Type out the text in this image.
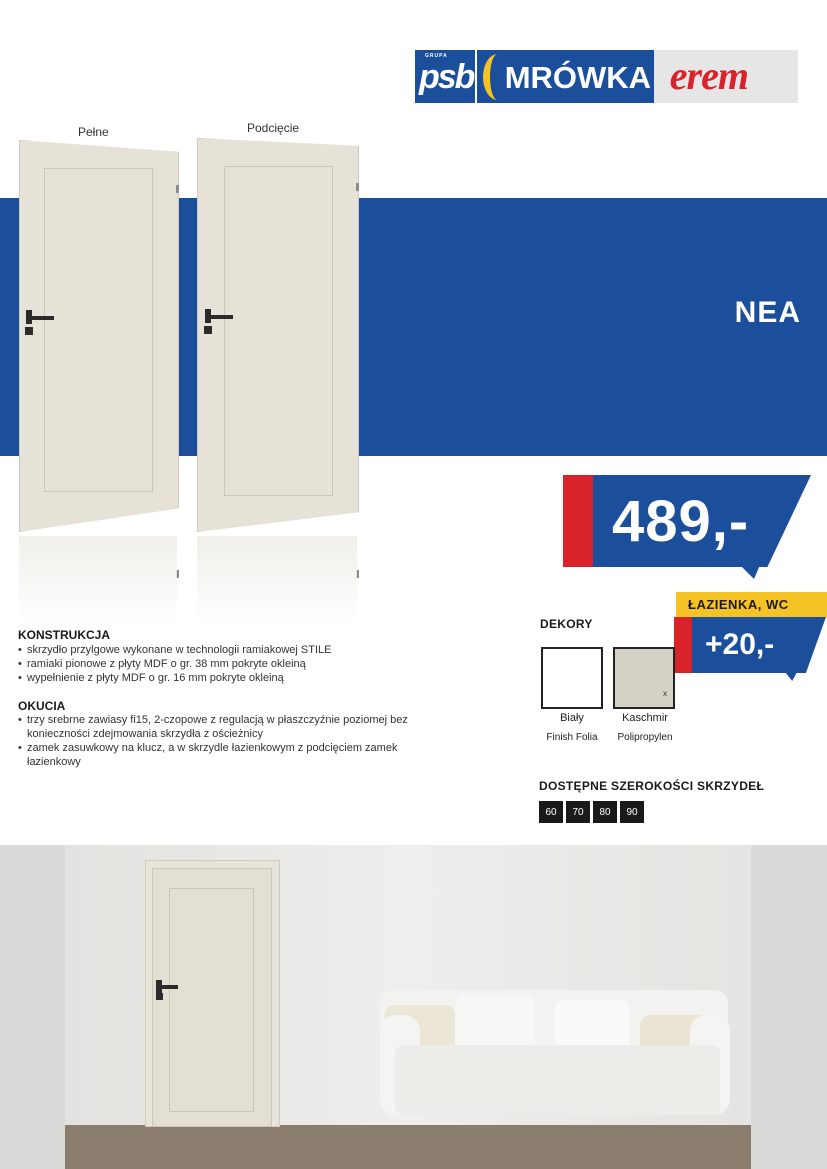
GRUPA
psb MRÓWKA erem
NEA
Pełne	Podcięcie
489,-
ŁAZIENKA, WC
+20,-
DEKORY
x
Biały	Kaschmir
Finish Folia	Polipropylen
DOSTĘPNE SZEROKOŚCI SKRZYDEŁ
60	70	80	90
KONSTRUKCJA
• skrzydło przylgowe wykonane w technologii ramiakowej STILE
• ramiaki pionowe z płyty MDF o gr. 38 mm pokryte okleiną
• wypełnienie z płyty MDF o gr. 16 mm pokryte okleiną
OKUCIA
• trzy srebrne zawiasy fi15, 2-czopowe z regulacją w płaszczyźnie poziomej bez konieczności zdejmowania skrzydła z ościeżnicy
• zamek zasuwkowy na klucz, a w skrzydle łazienkowym z podcięciem zamek łazienkowy
